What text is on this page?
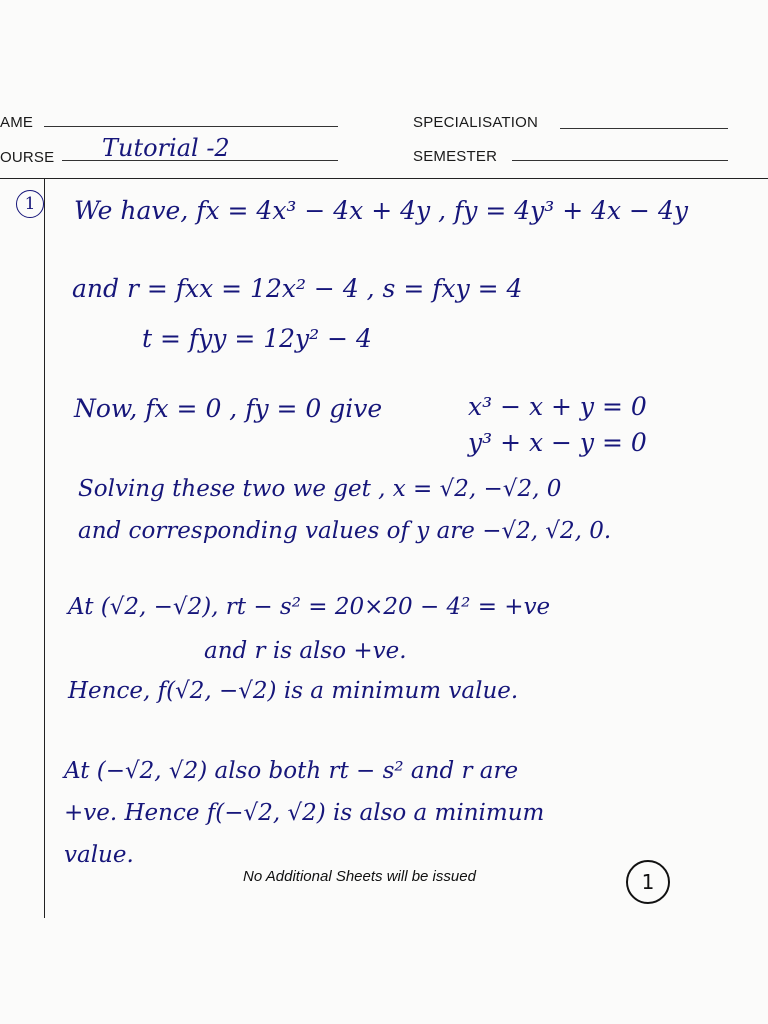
AME
OURSE Tutorial -2
SPECIALISATION
SEMESTER
1	We have, fx = 4x³ − 4x + 4y , fy = 4y³ + 4x − 4y
and r = fxx = 12x² − 4 , s = fxy = 4
t = fyy = 12y² − 4
Now, fx = 0 , fy = 0 give	x³ − x + y = 0
y³ + x − y = 0
Solving these two we get , x = √2, −√2, 0
and corresponding values of y are −√2, √2, 0.
At (√2, −√2), rt − s² = 20×20 − 4² = +ve
and r is also +ve.
Hence, f(√2, −√2) is a minimum value.
At (−√2, √2) also both rt − s² and r are
+ve. Hence f(−√2, √2) is also a minimum
value.
No Additional Sheets will be issued	1
